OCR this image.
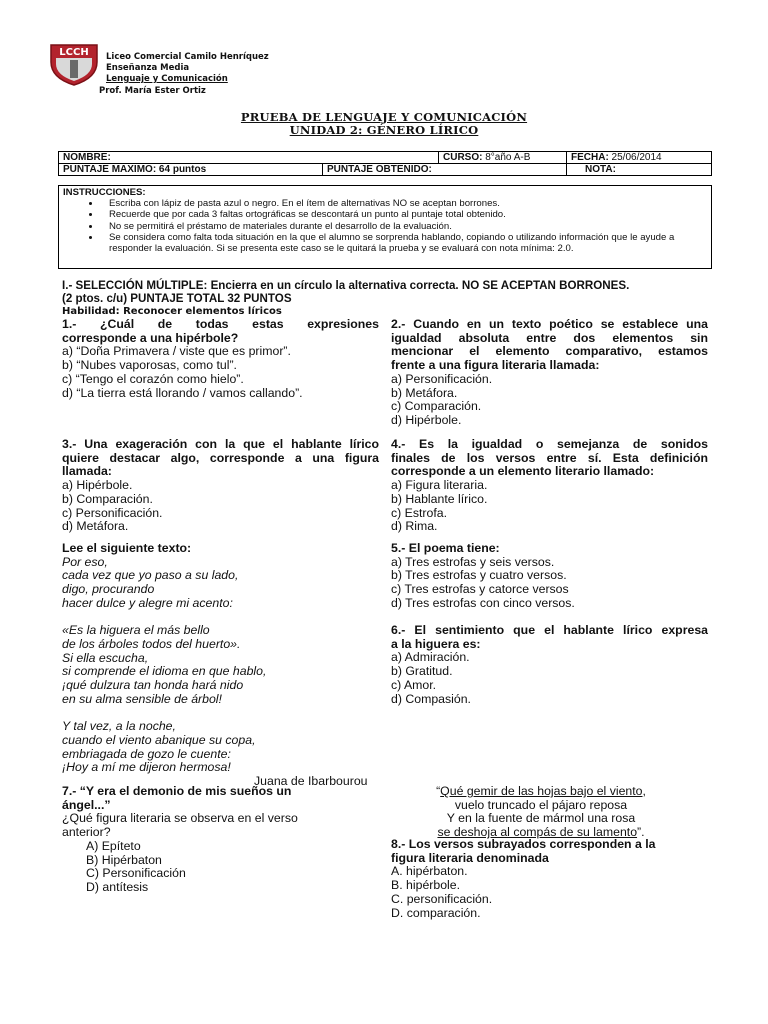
LCCH Liceo Comercial Camilo Henríquez
Enseñanza Media
Lenguaje y Comunicación
Prof. María Ester Ortiz
PRUEBA DE LENGUAJE Y COMUNICACIÓN
UNIDAD 2: GÉNERO LÍRICO
NOMBRE:		CURSO: 8°año A-B	FECHA: 25/06/2014
PUNTAJE MAXIMO: 64 puntos	PUNTAJE OBTENIDO:		NOTA:
INSTRUCCIONES:
• Escriba con lápiz de pasta azul o negro. En el ítem de alternativas NO se aceptan borrones.
• Recuerde que por cada 3 faltas ortográficas se descontará un punto al puntaje total obtenido.
• No se permitirá el préstamo de materiales durante el desarrollo de la evaluación.
• Se considera como falta toda situación en la que el alumno se sorprenda hablando, copiando o utilizando información que le ayude a responder la evaluación. Si se presenta este caso se le quitará la prueba y se evaluará con nota mínima: 2.0.
I.- SELECCIÓN MÚLTIPLE: Encierra en un círculo la alternativa correcta. NO SE ACEPTAN BORRONES.
(2 ptos. c/u) PUNTAJE TOTAL 32 PUNTOS
Habilidad: Reconocer elementos líricos
1.- ¿Cuál de todas estas expresiones
corresponde a una hipérbole?
a) “Doña Primavera / viste que es primor”.
b) “Nubes vaporosas, como tul”.
c) “Tengo el corazón como hielo”.
d) “La tierra está llorando / vamos callando”.
2.- Cuando en un texto poético se establece una
igualdad absoluta entre dos elementos sin
mencionar el elemento comparativo, estamos
frente a una figura literaria llamada:
a) Personificación.
b) Metáfora.
c) Comparación.
d) Hipérbole.
3.- Una exageración con la que el hablante lírico
quiere destacar algo, corresponde a una figura
llamada:
a) Hipérbole.
b) Comparación.
c) Personificación.
d) Metáfora.
4.- Es la igualdad o semejanza de sonidos
finales de los versos entre sí. Esta definición
corresponde a un elemento literario llamado:
a) Figura literaria.
b) Hablante lírico.
c) Estrofa.
d) Rima.
Lee el siguiente texto:
Por eso,
cada vez que yo paso a su lado,
digo, procurando
hacer dulce y alegre mi acento:
«Es la higuera el más bello
de los árboles todos del huerto».
Si ella escucha,
si comprende el idioma en que hablo,
¡qué dulzura tan honda hará nido
en su alma sensible de árbol!
Y tal vez, a la noche,
cuando el viento abanique su copa,
embriagada de gozo le cuente:
¡Hoy a mí me dijeron hermosa!
Juana de Ibarbourou
5.- El poema tiene:
a) Tres estrofas y seis versos.
b) Tres estrofas y cuatro versos.
c) Tres estrofas y catorce versos
d) Tres estrofas con cinco versos.
6.- El sentimiento que el hablante lírico expresa
a la higuera es:
a) Admiración.
b) Gratitud.
c) Amor.
d) Compasión.
7.- “Y era el demonio de mis sueños un
ángel...”
¿Qué figura literaria se observa en el verso
anterior?
A) Epíteto
B) Hipérbaton
C) Personificación
D) antítesis
“Qué gemir de las hojas bajo el viento,
vuelo truncado el pájaro reposa
Y en la fuente de mármol una rosa
se deshoja al compás de su lamento”.
8.- Los versos subrayados corresponden a la
figura literaria denominada
A. hipérbaton.
B. hipérbole.
C. personificación.
D. comparación.
